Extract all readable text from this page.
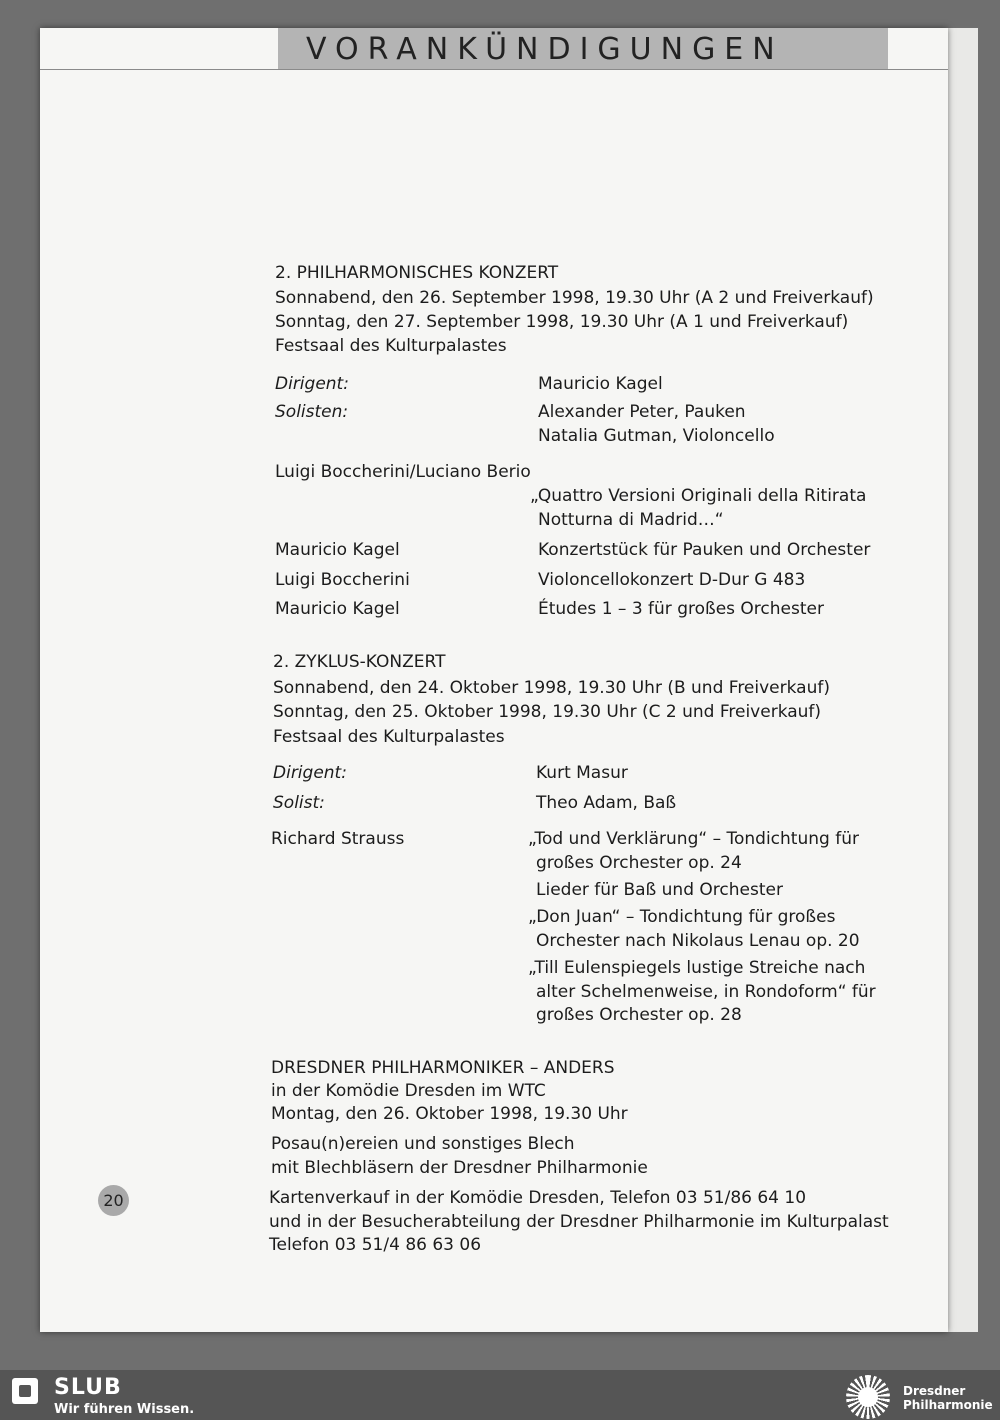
VORANKÜNDIGUNGEN
2. PHILHARMONISCHES KONZERT
Sonnabend, den 26. September 1998, 19.30 Uhr (A 2 und Freiverkauf)
Sonntag, den 27. September 1998, 19.30 Uhr (A 1 und Freiverkauf)
Festsaal des Kulturpalastes
Dirigent:	Mauricio Kagel
Solisten:	Alexander Peter, Pauken
Natalia Gutman, Violoncello
Luigi Boccherini/Luciano Berio
„Quattro Versioni Originali della Ritirata
Notturna di Madrid…“
Mauricio Kagel	Konzertstück für Pauken und Orchester
Luigi Boccherini	Violoncellokonzert D-Dur G 483
Mauricio Kagel	Études 1 – 3 für großes Orchester
2. ZYKLUS-KONZERT
Sonnabend, den 24. Oktober 1998, 19.30 Uhr (B und Freiverkauf)
Sonntag, den 25. Oktober 1998, 19.30 Uhr (C 2 und Freiverkauf)
Festsaal des Kulturpalastes
Dirigent:	Kurt Masur
Solist:	Theo Adam, Baß
Richard Strauss	„Tod und Verklärung“ – Tondichtung für
großes Orchester op. 24
Lieder für Baß und Orchester
„Don Juan“ – Tondichtung für großes
Orchester nach Nikolaus Lenau op. 20
„Till Eulenspiegels lustige Streiche nach
alter Schelmenweise, in Rondoform“ für
großes Orchester op. 28
DRESDNER PHILHARMONIKER – ANDERS
in der Komödie Dresden im WTC
Montag, den 26. Oktober 1998, 19.30 Uhr
Posau(n)ereien und sonstiges Blech
mit Blechbläsern der Dresdner Philharmonie
Kartenverkauf in der Komödie Dresden, Telefon 03 51/86 64 10
und in der Besucherabteilung der Dresdner Philharmonie im Kulturpalast
Telefon 03 51/4 86 63 06
20
SLUB
Wir führen Wissen.
Dresdner
Philharmonie
